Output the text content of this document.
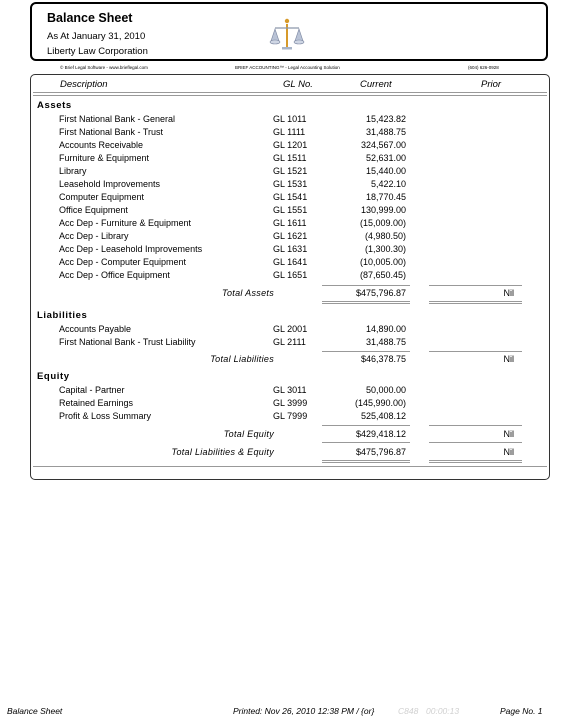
Balance Sheet
As At January 31, 2010
Liberty Law Corporation
© Brief Legal Software - www.brieflegal.com	BRIEF ACCOUNTING™ - Legal Accounting Solution	(604) 626-0928
Description	GL No.	Current	Prior
Assets
First National Bank - General	GL 1011	15,423.82
First National Bank - Trust	GL 1111	31,488.75
Accounts Receivable	GL 1201	324,567.00
Furniture & Equipment	GL 1511	52,631.00
Library	GL 1521	15,440.00
Leasehold Improvements	GL 1531	5,422.10
Computer Equipment	GL 1541	18,770.45
Office Equipment	GL 1551	130,999.00
Acc Dep - Furniture & Equipment	GL 1611	(15,009.00)
Acc Dep - Library	GL 1621	(4,980.50)
Acc Dep - Leasehold Improvements	GL 1631	(1,300.30)
Acc Dep - Computer Equipment	GL 1641	(10,005.00)
Acc Dep - Office Equipment	GL 1651	(87,650.45)
Total Assets	$475,796.87	Nil
Liabilities
Accounts Payable	GL 2001	14,890.00
First National Bank - Trust Liability	GL 2111	31,488.75
Total Liabilities	$46,378.75	Nil
Equity
Capital - Partner	GL 3011	50,000.00
Retained Earnings	GL 3999	(145,990.00)
Profit & Loss Summary	GL 7999	525,408.12
Total Equity	$429,418.12	Nil
Total Liabilities & Equity	$475,796.87	Nil
Balance Sheet	Printed: Nov 26, 2010 12:38 PM / {or}	C848 00:00:13	Page No. 1
